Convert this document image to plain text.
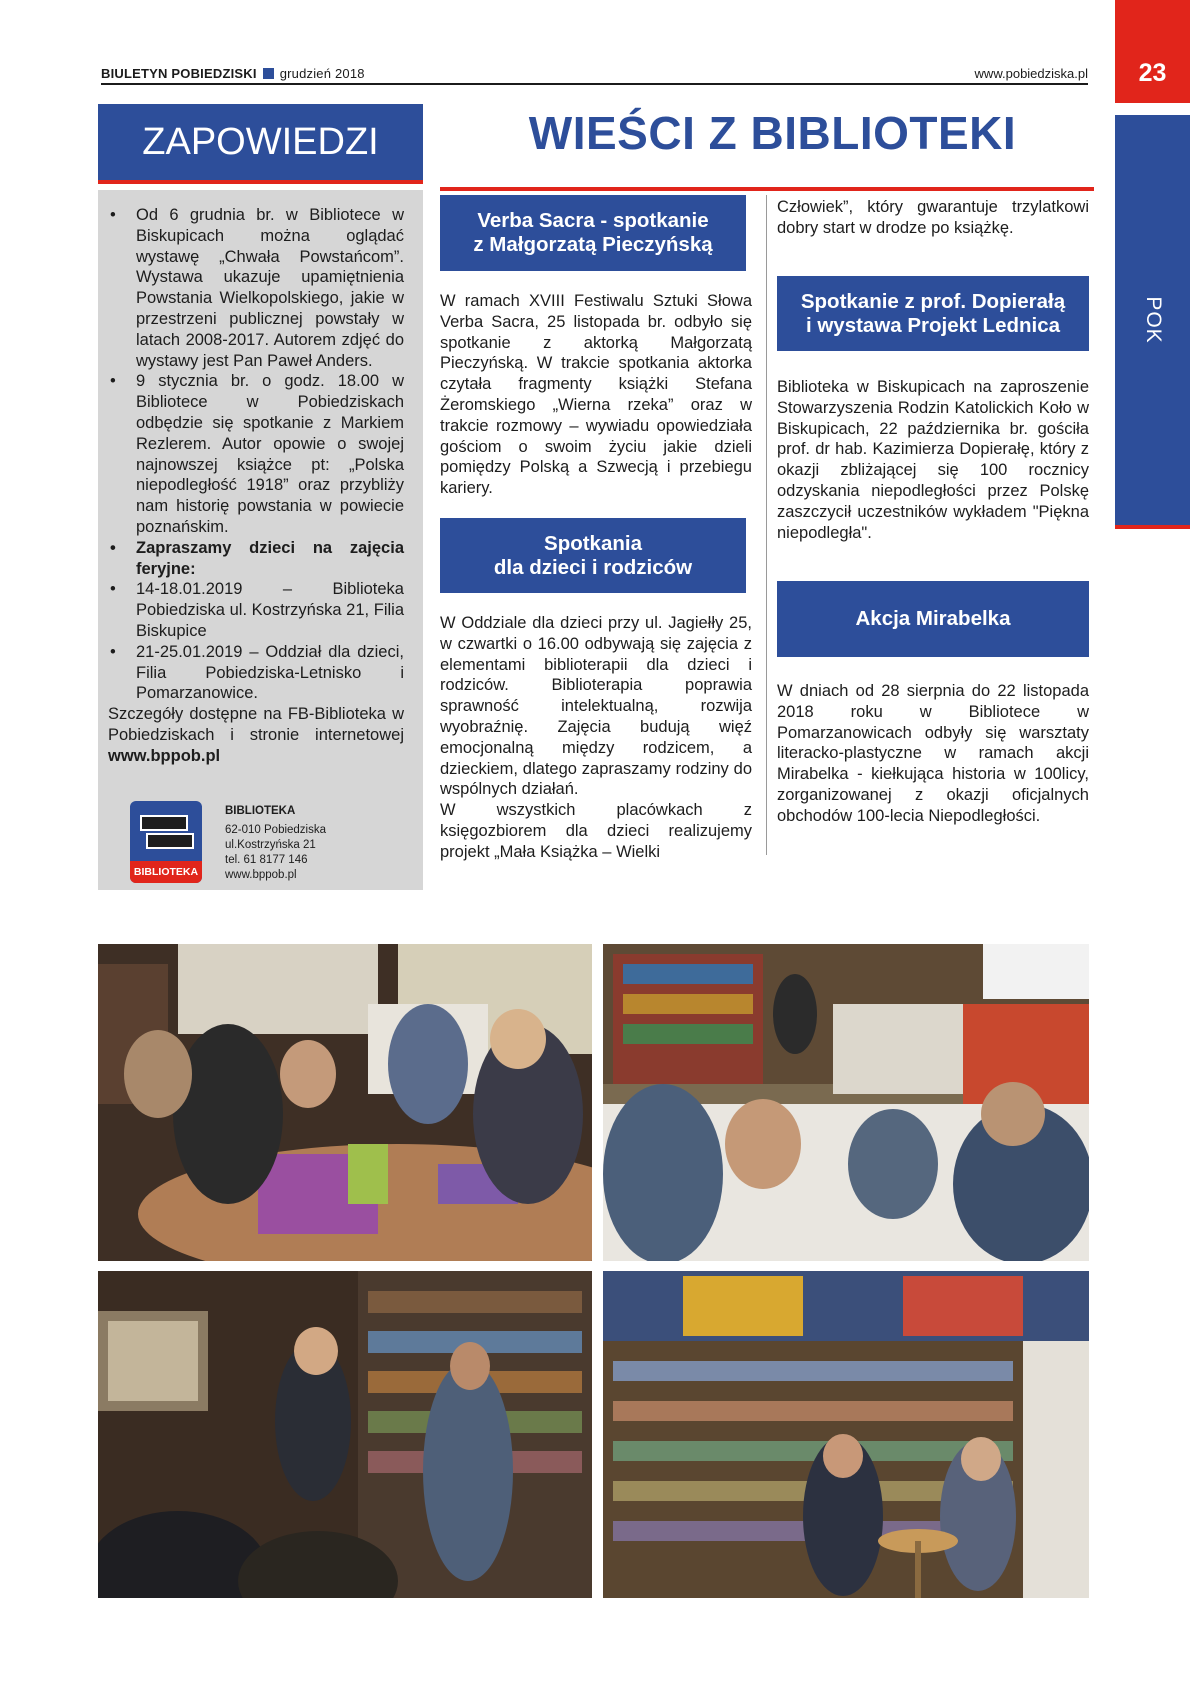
BIULETYN POBIEDZISKI grudzień 2018	www.pobiedziska.pl	23
POK
ZAPOWIEDZI
• Od 6 grudnia br. w Bibliotece w Biskupicach można oglądać wystawę „Chwała Powstańcom”. Wystawa ukazuje upamiętnienia Powstania Wielkopolskiego, jakie w przestrzeni publicznej powstały w latach 2008-2017. Autorem zdjęć do wystawy jest Pan Paweł Anders.
• 9 stycznia br. o godz. 18.00 w Bibliotece w Pobiedziskach odbędzie się spotkanie z Markiem Rezlerem. Autor opowie o swojej najnowszej książce pt: „Polska niepodległość 1918” oraz przybliży nam historię powstania w powiecie poznańskim.
• Zapraszamy dzieci na zajęcia feryjne:
• 14-18.01.2019 – Biblioteka Pobiedziska ul. Kostrzyńska 21, Filia Biskupice
• 21-25.01.2019 – Oddział dla dzieci, Filia Pobiedziska-Letnisko i Pomarzanowice.

Szczegóły dostępne na FB-Biblioteka w Pobiedziskach i stronie internetowej www.bppob.pl

BIBLIOTEKA
BIBLIOTEKA
62-010 Pobiedziska
ul.Kostrzyńska 21
tel. 61 8177 146
www.bppob.pl
WIEŚCI Z BIBLIOTEKI
Verba Sacra - spotkanie
z Małgorzatą Pieczyńską

W ramach XVIII Festiwalu Sztuki Słowa Verba Sacra, 25 listopada br. odbyło się spotkanie z aktorką Małgorzatą Pieczyńską. W trakcie spotkania aktorka czytała fragmenty książki Stefana Żeromskiego „Wierna rzeka” oraz w trakcie rozmowy – wywiadu opowiedziała gościom o swoim życiu jakie dzieli pomiędzy Polską a Szwecją i przebiegu kariery.

Spotkania
dla dzieci i rodziców

W Oddziale dla dzieci przy ul. Jagiełły 25, w czwartki o 16.00 odbywają się zajęcia z elementami biblioterapii dla dzieci i rodziców. Biblioterapia poprawia sprawność intelektualną, rozwija wyobraźnię. Zajęcia budują więź emocjonalną między rodzicem, a dzieckiem, dlatego zapraszamy rodziny do wspólnych działań.

W wszystkich placówkach z księgozbiorem dla dzieci realizujemy projekt „Mała Książka – Wielki

Człowiek”, który gwarantuje trzylatkowi dobry start w drodze po książkę.

Spotkanie z prof. Dopierałą
i wystawa Projekt Lednica

Biblioteka w Biskupicach na zaproszenie Stowarzyszenia Rodzin Katolickich Koło w Biskupicach, 22 października br. gościła prof. dr hab. Kazimierza Dopierałę, który z okazji zbliżającej się 100 rocznicy odzyskania niepodległości przez Polskę zaszczycił uczestników wykładem "Piękna niepodległa".

Akcja Mirabelka

W dniach od 28 sierpnia do 22 listopada 2018 roku w Bibliotece w Pomarzanowicach odbyły się warsztaty literacko-plastyczne w ramach akcji Mirabelka - kiełkująca historia w 100licy, zorganizowanej z okazji oficjalnych obchodów 100-lecia Niepodległości.
